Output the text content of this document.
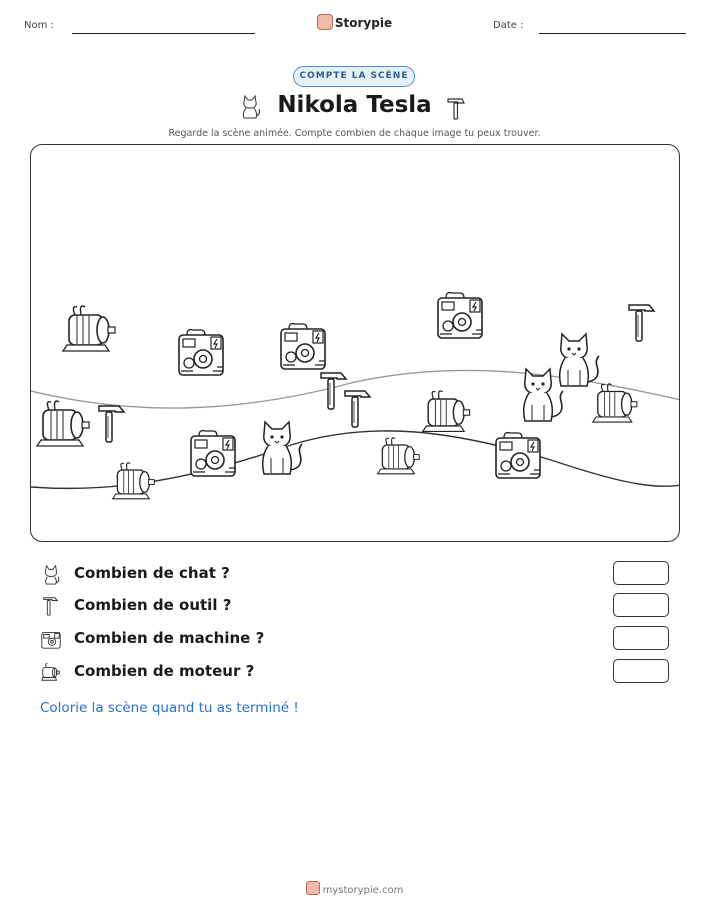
Nom :	Storypie	Date :
COMPTE LA SCÈNE
Nikola Tesla
Regarde la scène animée. Compte combien de chaque image tu peux trouver.
Combien de chat ?
Combien de outil ?
Combien de machine ?
Combien de moteur ?
Colorie la scène quand tu as terminé !
mystorypie.com
